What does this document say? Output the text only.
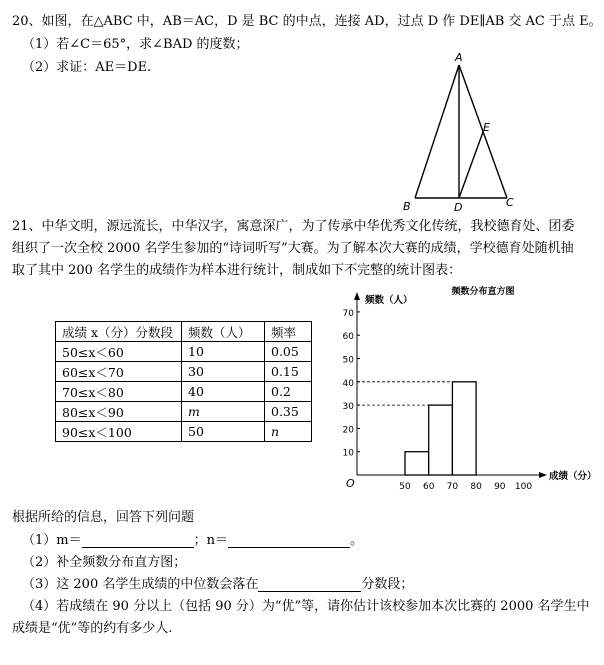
20、如图，在△ABC 中，AB＝AC，D 是 BC 的中点，连接 AD，过点 D 作 DE∥AB 交 AC 于点 E。
（1）若∠C＝65°，求∠BAD 的度数；
（2）求证：AE＝DE.
A
B	C
D
E
21、中华文明，源远流长，中华汉字，寓意深广，为了传承中华优秀文化传统，我校德育处、团委
组织了一次全校 2000 名学生参加的“诗词听写”大赛。为了解本次大赛的成绩，学校德育处随机抽
取了其中 200 名学生的成绩作为样本进行统计，制成如下不完整的统计图表：
成绩 x（分）分数段	频数（人）	频率
50≤x＜60	10	0.05
60≤x＜70	30	0.15
70≤x＜80	40	0.2
80≤x＜90	m	0.35
90≤x＜100	50	n
10
20
30
40
50
60
70
50 60 70 80 90 100
O
频数（人）
频数分布直方图
成绩（分）
根据所给的信息，回答下列问题
（1）m＝	；n＝	。
（2）补全频数分布直方图；
（3）这 200 名学生成绩的中位数会落在	分数段；
（4）若成绩在 90 分以上（包括 90 分）为“优”等，请你估计该校参加本次比赛的 2000 名学生中
成绩是“优”等的约有多少人.
